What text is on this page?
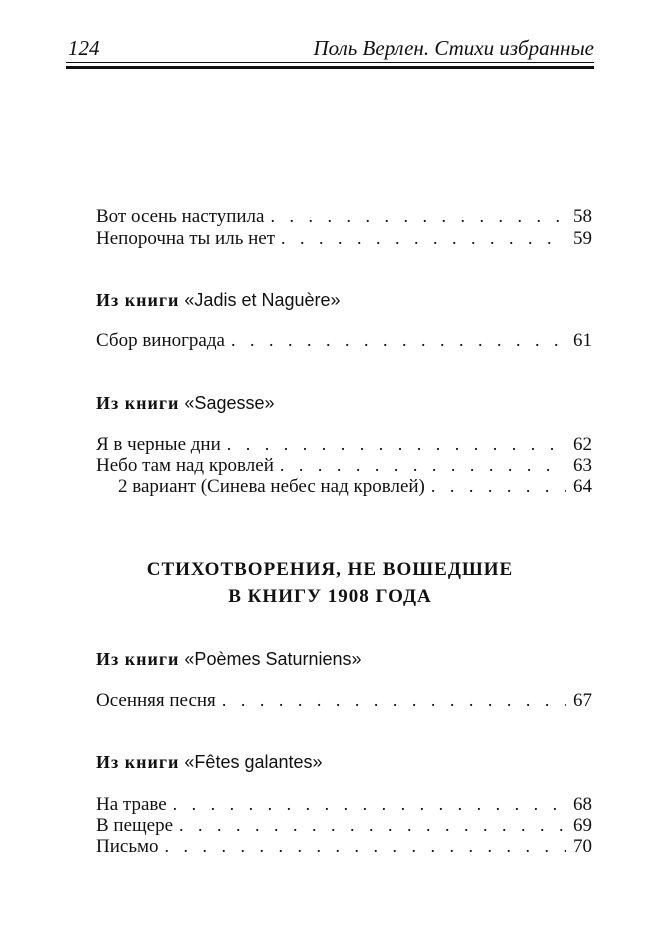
124	Поль Верлен. Стихи избранные
Вот осень наступила . . .	58
Непорочна ты иль нет . . .	59
Из книги «Jadis et Naguère»
Сбор винограда . . .	61
Из книги «Sagesse»
Я в черные дни . . .	62
Небо там над кровлей . . .	63
2 вариант (Синева небес над кровлей) . . .	64
Из книги «Poèmes Saturniens»
Осенняя песня . . .	67
Из книги «Fêtes galantes»
На траве . . .	68
В пещере . . .	69
Письмо . . .	70
СТИХОТВОРЕНИЯ, НЕ ВОШЕДШИЕ
В КНИГУ 1908 ГОДА
